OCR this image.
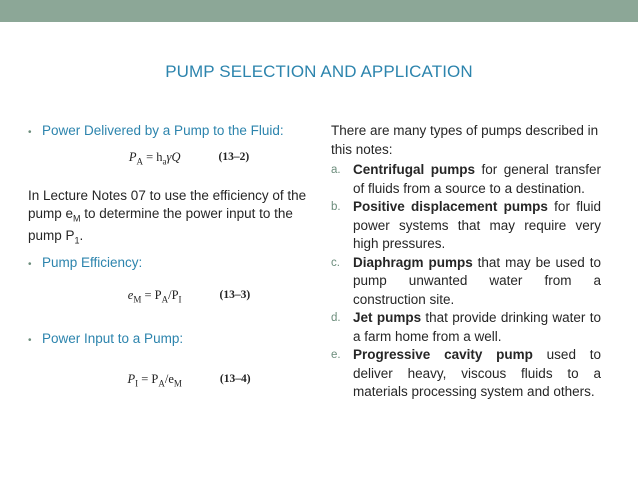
PUMP SELECTION AND APPLICATION
• Power Delivered by a Pump to the Fluid:
$P_A = h_a\gamma Q$	(13–2)
In Lecture Notes 07 to use the efficiency of the pump $e_M$ to determine the power input to the pump $P_1$.
• Pump Efficiency:
$e_M = P_A/P_I$	(13–3)
• Power Input to a Pump:
$P_I = P_A/e_M$	(13–4)
There are many types of pumps described in this notes:
a. Centrifugal pumps for general transfer of fluids from a source to a destination.
b. Positive displacement pumps for fluid power systems that may require very high pressures.
c. Diaphragm pumps that may be used to pump unwanted water from a construction site.
d. Jet pumps that provide drinking water to a farm home from a well.
e. Progressive cavity pump used to deliver heavy, viscous fluids to a materials processing system and others.
